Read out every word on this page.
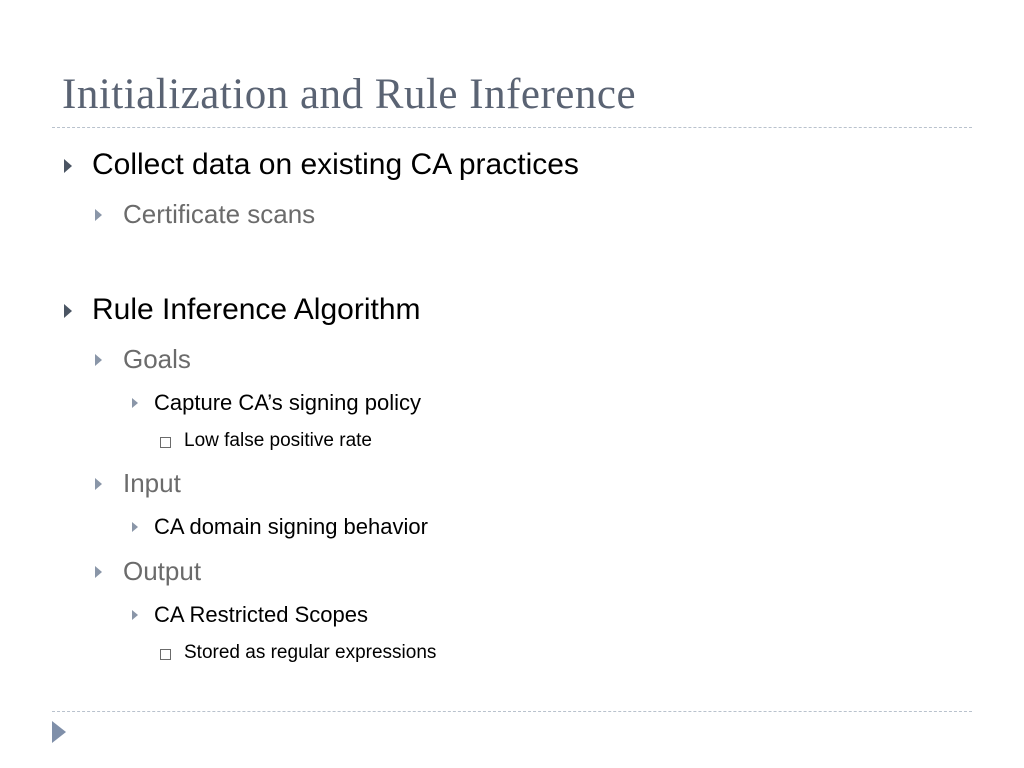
Initialization and Rule Inference
Collect data on existing CA practices
Certificate scans
Rule Inference Algorithm
Goals
Capture CA’s signing policy
Low false positive rate
Input
CA domain signing behavior
Output
CA Restricted Scopes
Stored as regular expressions
